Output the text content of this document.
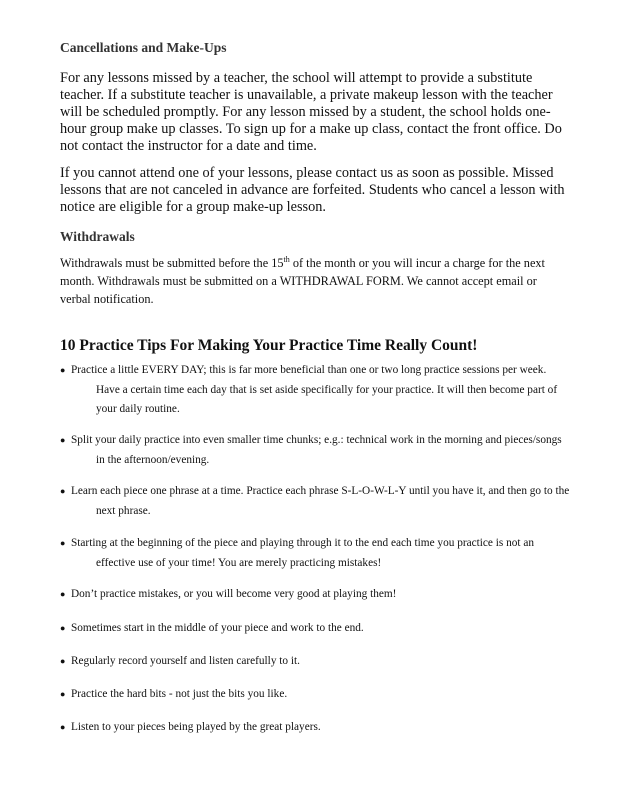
Cancellations and Make-Ups

For any lessons missed by a teacher, the school will attempt to provide a substitute teacher. If a substitute teacher is unavailable, a private makeup lesson with the teacher will be scheduled promptly. For any lesson missed by a student, the school holds one-hour group make up classes. To sign up for a make up class, contact the front office. Do not contact the instructor for a date and time.

If you cannot attend one of your lessons, please contact us as soon as possible. Missed lessons that are not canceled in advance are forfeited. Students who cancel a lesson with notice are eligible for a group make-up lesson.

Withdrawals

Withdrawals must be submitted before the 15th of the month or you will incur a charge for the next month. Withdrawals must be submitted on a WITHDRAWAL FORM. We cannot accept email or verbal notification.

10 Practice Tips For Making Your Practice Time Really Count!
● Practice a little EVERY DAY; this is far more beneficial than one or two long practice sessions per week. Have a certain time each day that is set aside specifically for your practice. It will then become part of your daily routine.
● Split your daily practice into even smaller time chunks; e.g.: technical work in the morning and pieces/songs in the afternoon/evening.
● Learn each piece one phrase at a time. Practice each phrase S-L-O-W-L-Y until you have it, and then go to the next phrase.
● Starting at the beginning of the piece and playing through it to the end each time you practice is not an effective use of your time! You are merely practicing mistakes!
● Don’t practice mistakes, or you will become very good at playing them!
● Sometimes start in the middle of your piece and work to the end.
● Regularly record yourself and listen carefully to it.
● Practice the hard bits - not just the bits you like.
● Listen to your pieces being played by the great players.
